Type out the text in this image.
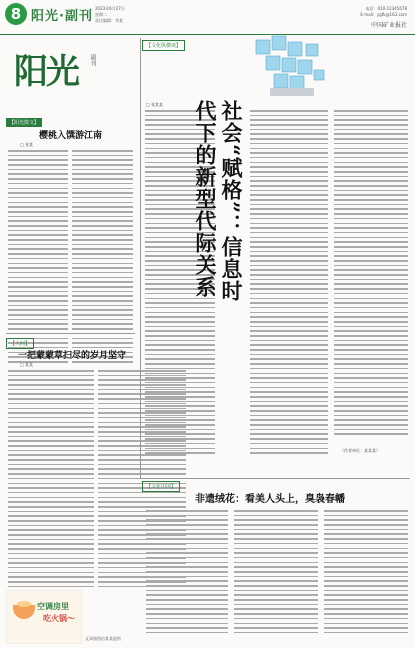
8 阳光·副刊
2023年6月27日
星期二
责任编辑：李某
电话：010-12345678
E-mail：ygfk@163.com
中国矿业报社
阳光 副刊
【阳光散文】
樱桃入馔游江南
□ 张某
【人间】
一把蒙蒙草扫尽的岁月坚守
□ 某某
【文化纵横谈】
□ 张某某	社会“赋格”：信息时代下的新型代际关系
（作者单位：某某某）
【文化中国】
非遗绒花：看美人头上，臭袅春幡
空调房里
吃火锅～
文章插图由某某提供
